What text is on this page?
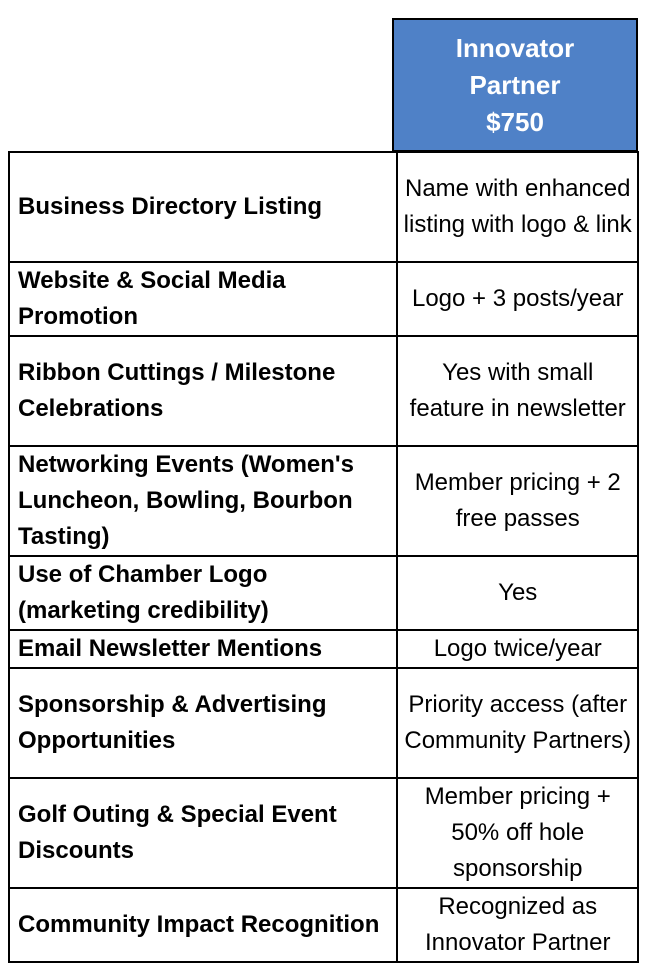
Innovator
Partner
$750
Business Directory Listing	Name with enhanced listing with logo & link
Website & Social Media Promotion	Logo + 3 posts/year
Ribbon Cuttings / Milestone Celebrations	Yes with small feature in newsletter
Networking Events (Women's Luncheon, Bowling, Bourbon Tasting)	Member pricing + 2 free passes
Use of Chamber Logo (marketing credibility)	Yes
Email Newsletter Mentions	Logo twice/year
Sponsorship & Advertising Opportunities	Priority access (after Community Partners)
Golf Outing & Special Event Discounts	Member pricing + 50% off hole sponsorship
Community Impact Recognition	Recognized as Innovator Partner
